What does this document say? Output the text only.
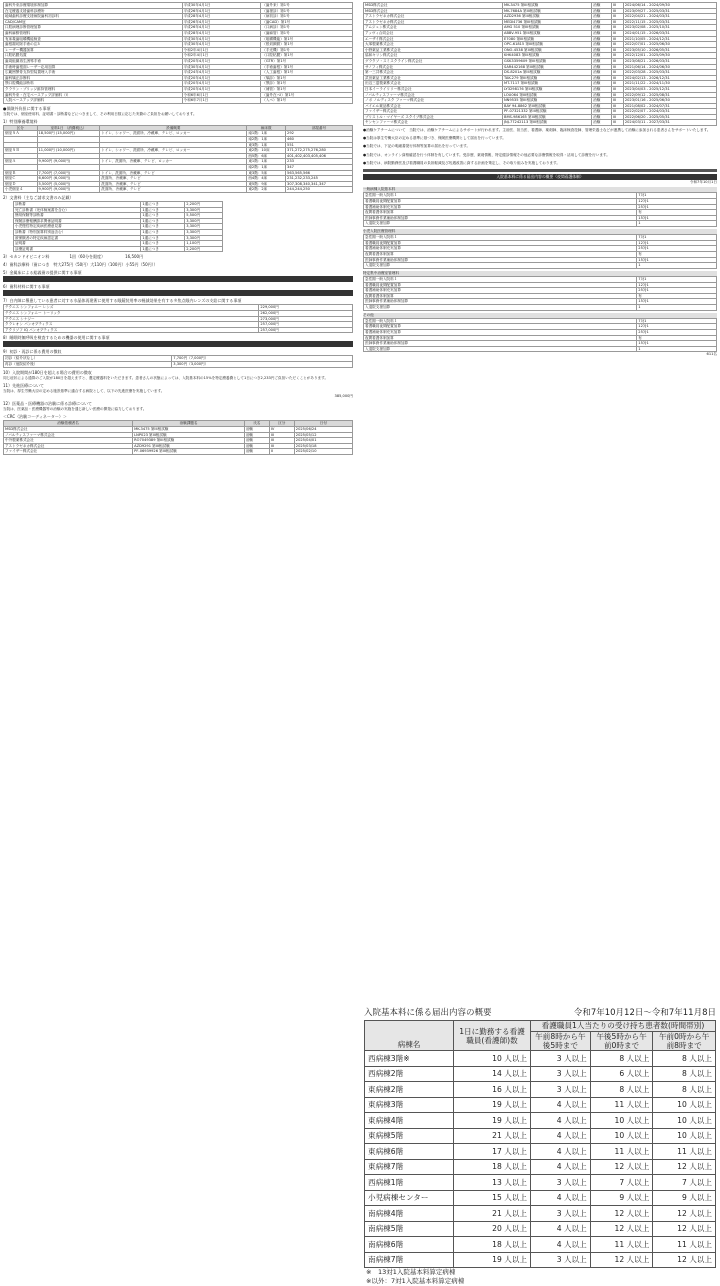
歯科外来診療環境体制加算	平成30年4月1日	（歯外来）第1号
在宅療養支援歯科診療所	平成26年4月1日	（歯援診）第1号
地域歯科診療支援病院歯科初診料	平成28年4月1日	（病初診）第1号
CAD/CAM冠	平成26年4月1日	（歯CAD）第1号
口腔病理診断管理加算	平成26年4月1日	（口病診）第1号
歯科麻酔管理料	平成28年4月1日	（歯麻管）第1号
有床義歯咀嚼機能検査	平成30年4月1日	（咀嚼機能）第1号
歯根端切除手術の注3	平成30年4月1日	（根切顕微）第1号
レーザー機器加算	令和2年4月1日	（手光機）第1号
口腔粘膜処置	令和2年4月1日	（口腔粘膜）第1号
歯周組織再生誘導手術	平成20年4月1日	（GTR）第1号
手術時歯根面レーザー応用加算	平成30年4月1日	（手術歯根）第1号
広範囲顎骨支持型装置埋入手術	平成24年4月1日	（人工歯根）第1号
歯科矯正診断料	平成20年4月1日	（矯診）第1号
顎口腔機能診断料	平成20年4月1日	（顎診）第1号
クラウン・ブリッジ維持管理料	平成20年4月1日	（補管）第1号
歯科外来・在宅ベースアップ評価料（Ⅰ）	令和6年6月1日	（歯外在ベⅠ）第1号
入院ベースアップ評価料	令和6年7月1日	（入ベ）第1号
●保険外負担に関する事項
当院では、個室使用料、証明書・診断書などにつきまして、その利用日数に応じた実費のご負担をお願いしております。
1）特別療養環境料
区分	室料1日 （消費税込）	設備概要	病床数	部屋番号
個室ＳＡ	18,500円 (15,000円)	トイレ、シャワー、洗面所、冷蔵庫、テレビ、ロッカー	南1階：1床	292
			南2階：1床	460
			東3階：1床	551
個室ＳＢ	11,000円 (10,000円)	トイレ、シャワー、洗面所、冷蔵庫、テレビ、ロッカー	東2階：10床	371,272,275,276,280
			西5階：6床	401,402,403,405,406
個室Ａ	9,900円 (9,000円)	トイレ、洗面所、冷蔵庫、テレビ、ロッカー	東1階：1床	233
			南2階：1床	347
個室Ｂ	7,700円 (7,000円)	トイレ、洗面所、冷蔵庫、テレビ	東3階：5床	563,565,566
個室Ｃ	6,600円 (6,000円)	洗面所、冷蔵庫、テレビ	西4階：4床	231,232,233,245
個室Ｄ	5,500円 (5,000円)	洗面所、冷蔵庫、テレビ	東5階：9床	307,308,340,341,347
小児個室４	9,900円 (9,000円)	洗面所、冷蔵庫、テレビ	東2階：2床	244,244,250
2）文書料（主なご請求文書のみ記載）
診断書	1通につき	2,200円
死亡診断書（死体検案書を含む）	1通につき	3,300円
簡易保険等診断書	1通につき	5,500円
保険診療報酬請求関係証明書	1通につき	3,300円
小児慢性特定疾病医療意見書	1通につき	3,300円
診断書（特別加算料別途含む）	1通につき	3,300円
被保険者の特定疾病認定書	1通につき	3,300円
証明書	1通につき	1,100円
診療証明書	1通につき	2,200円
3）セカンドオピニオン料	1回（60分を限度）	16,500円
4）歯科診療料（歯につき　特大275円（50円）大110円（100円）小55円（50円））
5）金属床による総義歯の提供に関する事項

6）歯科材料に関する事項

7）白内障に罹患している患者に対する水晶体再建術に使用する眼鏡装用率の軽減効果を有する多焦点眼内レンズの支給に関する事項
テクニス シンフォニー レンズ	229,000円
テクニス シンフォニー トーリック	262,000円
テクニス シナジー	273,000円
クラレオン パンオプティクス	257,000円
アクリソフ IQ パンオプティクス	257,000円
8）睡眠時無呼吸を検査するための機器の使用に関する事項

9）初診・再診に係る費用の徴収
初診（紹介状なし）	7,700円（7,000円）
再診（他院紹介後）	3,300円（3,000円）
10）入院期間が180日を超える場合の費用の徴収
同じ症状による通算のご入院が180日を超えますと、選定療養料をいただきます。患者さんの状態によっては、入院基本料の15%を特定療養費として1日につき2,233円ご負担いただくことがあります。
11）先進医療について
当院は、厚生労働大臣の定める施設基準に適合する病院として、以下の先進医療を実施しています。
385,000円
12）医薬品・医療機器の治験に係る診療について
当院は、医薬品・医療機器等の治験の実施を通じ新しい医療の開発に協力しております。
＜CRC（治験コーディネーター）＞
治験依頼者名	治験課題名	氏名	区分	日付
MSD株式会社	MK-3475 第III相試験	治験	IV	2025/06/24
ノバルティスファーマ株式会社	LNP023 第III相試験	治験	III	2025/05/12
中外製薬株式会社	RO7049389 第III相試験	治験	III	2025/04/01
アストラゼネカ株式会社	AZD9291 第III相試験	治験	III	2025/03/18
ファイザー株式会社	PF-06939926 第III相試験	治験	II	2025/02/10
MSD株式会社	MK-3475 第III相試験	治験	III	2024/06/14 - 2024/09/30
MSD株式会社	MK-7684A 第III相試験	治験	III	2023/09/27 - 2025/03/31
アストラゼネカ株式会社	AZD2936 第III相試験	治験	III	2022/04/21 - 2024/03/31
アストラゼネカ株式会社	MEDI4736 第III相試験	治験	III	2022/11/15 - 2025/03/31
アムジェン株式会社	AMG 510 第III相試験	治験	III	2023/02/08 - 2025/10/31
アッヴィ合同会社	ABBV-951 第III相試験	治験	III	2024/01/15 - 2026/03/31
エーザイ株式会社	E7080 第III相試験	治験	III	2021/10/05 - 2024/12/31
大塚製薬株式会社	OPC-61815 第III相試験	治験	III	2022/07/01 - 2025/06/30
小野薬品工業株式会社	ONO-4538 第III相試験	治験	III	2023/05/10 - 2026/05/31
協和キリン株式会社	KHK4083 第III相試験	治験	III	2022/12/01 - 2025/09/30
グラクソ・スミスクライン株式会社	GSK3359609 第III相試験	治験	III	2023/08/21 - 2026/03/31
サノフィ株式会社	SAR442168 第III相試験	治験	III	2021/06/14 - 2024/06/30
第一三共株式会社	DS-8201a 第III相試験	治験	III	2022/03/28 - 2025/03/31
武田薬品工業株式会社	TAK-279 第III相試験	治験	III	2024/02/13 - 2026/12/31
田辺三菱製薬株式会社	MT-7117 第III相試験	治験	III	2021/11/22 - 2024/11/30
日本イーライリリー株式会社	LY3298176 第III相試験	治験	III	2023/04/03 - 2025/12/31
ノバルティスファーマ株式会社	LOU064 第III相試験	治験	III	2022/09/12 - 2025/08/31
ノボ ノルディスク ファーマ株式会社	NN9535 第III相試験	治験	III	2023/01/16 - 2025/06/30
バイエル薬品株式会社	BAY 94-8862 第III相試験	治験	III	2021/08/02 - 2024/07/31
ファイザー株式会社	PF-07321332 第III相試験	治験	III	2022/02/07 - 2024/03/31
ブリストル・マイヤーズ スクイブ株式会社	BMS-986165 第III相試験	治験	III	2022/06/20 - 2025/05/31
ヤンセンファーマ株式会社	JNJ-77242113 第III相試験	治験	III	2024/03/11 - 2027/03/31
●治験ケアチームについて　当院では、治験ケアチームによるサポートが行われます。主治医、担当医、看護師、薬剤師、臨床検査技師、管理栄養士などが連携して治験に参加される患者さんをサポートいたします。
●当院は厚生労働大臣の定める基準に基づき、保険医療機関として届出を行っています。
●当院では、下記の明細書発行体制等加算の届出を行っています。
●当院では、オンライン資格確認を行う体制を有しています。受診歴、薬剤情報、特定健診情報その他必要な診療情報を取得・活用して診療を行います。
●当院では、病院勤務医及び看護職員の負担軽減及び処遇改善に資する計画を策定し、その取り組みを実施しております。
入院基本料に係る届出内容の概要（夜間看護体制）
令和7年10月1日
一般病棟入院基本料
急性期一般入院料１	7対1
看護職員夜間配置加算	12対1
看護補助体制充実加算	25対1
夜間看護体制加算	有
医師事務作業補助体制加算	15対1
入退院支援加算	1
小児入院医療管理料
急性期一般入院料１	7対1
看護職員夜間配置加算	12対1
看護補助体制充実加算	25対1
夜間看護体制加算	有
医師事務作業補助体制加算	15対1
入退院支援加算	1
特定集中治療室管理料
急性期一般入院料１	7対1
看護職員夜間配置加算	12対1
看護補助体制充実加算	25対1
夜間看護体制加算	有
医師事務作業補助体制加算	15対1
入退院支援加算	1
その他
急性期一般入院料１	7対1
看護職員夜間配置加算	12対1
看護補助体制充実加算	25対1
夜間看護体制加算	有
医師事務作業補助体制加算	15対1
入退院支援加算	1
611名
入院基本料に係る届出内容の概要	令和7年10月12日～令和7年11月8日
病棟名	1日に勤務する看護職員(看護師)数	看護職員1人当たりの受け持ち患者数(時間帯別)		
		午前8時から午後5時まで	午後5時から午前0時まで	午前0時から午前8時まで
西病棟3階※	10 人以上	3 人以上	8 人以上	8 人以上
西病棟2階	14 人以上	3 人以上	6 人以上	8 人以上
東病棟2階	16 人以上	3 人以上	8 人以上	8 人以上
東病棟3階	19 人以上	4 人以上	11 人以上	10 人以上
東病棟4階	19 人以上	4 人以上	10 人以上	10 人以上
東病棟5階	21 人以上	4 人以上	10 人以上	10 人以上
東病棟6階	17 人以上	4 人以上	11 人以上	11 人以上
東病棟7階	18 人以上	4 人以上	12 人以上	12 人以上
西病棟1階	13 人以上	3 人以上	7 人以上	7 人以上
小児病棟センター	15 人以上	4 人以上	9 人以上	9 人以上
南病棟4階	21 人以上	3 人以上	12 人以上	12 人以上
南病棟5階	20 人以上	4 人以上	12 人以上	12 人以上
南病棟6階	18 人以上	4 人以上	11 人以上	11 人以上
南病棟7階	19 人以上	3 人以上	12 人以上	12 人以上
※　13対1入院基本料算定病棟
※以外：7対1入院基本料算定病棟
